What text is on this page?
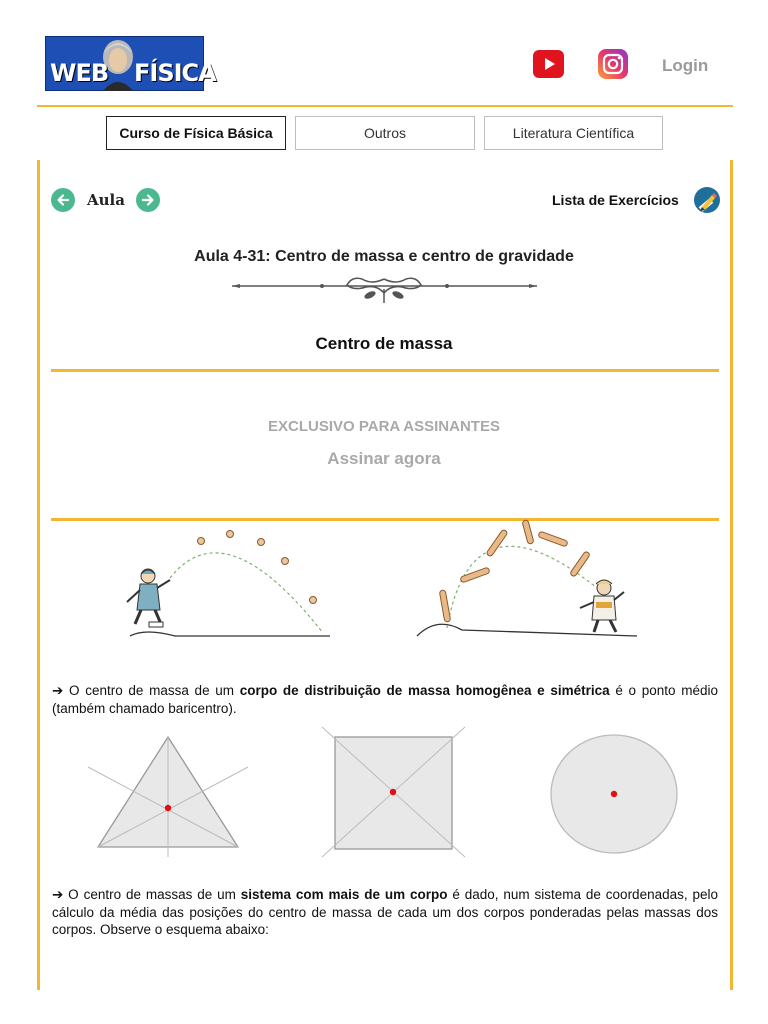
WEB FÍSICA	Login
Curso de Física Básica	Outros	Literatura Científica
Aula	Lista de Exercícios
Aula 4-31: Centro de massa e centro de gravidade
Centro de massa
EXCLUSIVO PARA ASSINANTES
Assinar agora

➔ O centro de massa de um corpo de distribuição de massa homogênea e simétrica é o ponto médio (também chamado baricentro).

➔ O centro de massas de um sistema com mais de um corpo é dado, num sistema de coordenadas, pelo cálculo da média das posições do centro de massa de cada um dos corpos ponderadas pelas massas dos corpos. Observe o esquema abaixo:
